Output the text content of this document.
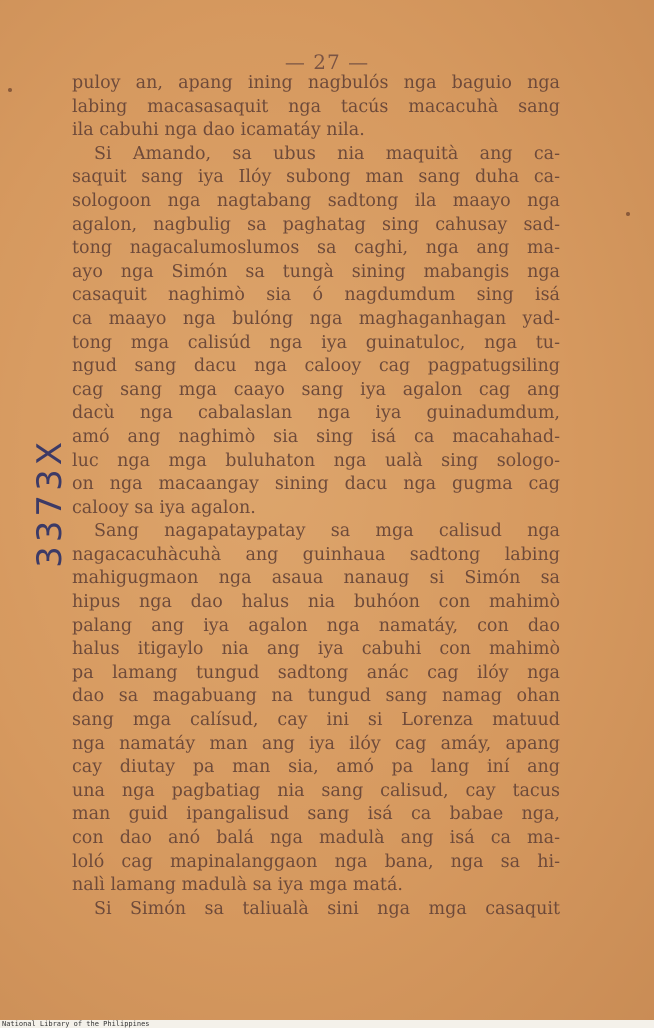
— 27 —
puloy an, apang ining nagbulós nga baguio nga
labing macasasaquit nga tacús macacuhà sang
ila cabuhi nga dao icamatáy nila.
Si Amando, sa ubus nia maquità ang ca-
saquit sang iya Ilóy subong man sang duha ca-
sologoon nga nagtabang sadtong ila maayo nga
agalon, nagbulig sa paghatag sing cahusay sad-
tong nagacalumoslumos sa caghi, nga ang ma-
ayo nga Simón sa tungà sining mabangis nga
casaquit naghimò sia ó nagdumdum sing isá
ca maayo nga bulóng nga maghaganhagan yad-
tong mga calisúd nga iya guinatuloc, nga tu-
ngud sang dacu nga calooy cag pagpatugsiling
cag sang mga caayo sang iya agalon cag ang
dacù nga cabalaslan nga iya guinadumdum,
amó ang naghimò sia sing isá ca macahahad-
luc nga mga buluhaton nga ualà sing sologo-
on nga macaangay sining dacu nga gugma cag
calooy sa iya agalon.
Sang nagapataypatay sa mga calisud nga
nagacacuhàcuhà ang guinhaua sadtong labing
mahigugmaon nga asaua nanaug si Simón sa
hipus nga dao halus nia buhóon con mahimò
palang ang iya agalon nga namatáy, con dao
halus itigaylo nia ang iya cabuhi con mahimò
pa lamang tungud sadtong anác cag ilóy nga
dao sa magabuang na tungud sang namag ohan
sang mga calísud, cay ini si Lorenza matuud
nga namatáy man ang iya ilóy cag amáy, apang
cay diutay pa man sia, amó pa lang iní ang
una nga pagbatiag nia sang calisud, cay tacus
man guid ipangalisud sang isá ca babae nga,
con dao anó balá nga madulà ang isá ca ma-
loló cag mapinalanggaon nga bana, nga sa hi-
nalì lamang madulà sa iya mga matá.
Si Simón sa taliualà sini nga mga casaquit
3373X
National Library of the Philippines
